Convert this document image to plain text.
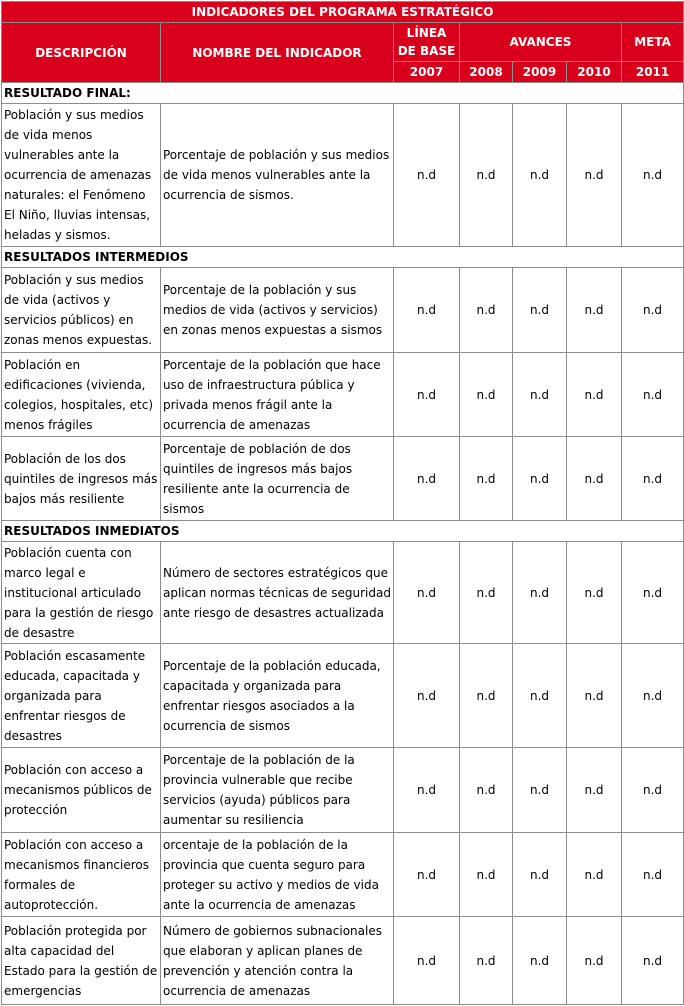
INDICADORES DEL PROGRAMA ESTRATÉGICO						
DESCRIPCIÓN	NOMBRE DEL INDICADOR	LÍNEA DE BASE	AVANCES			META
		2007	2008	2009	2010	2011
RESULTADO FINAL:						
Población y sus medios de vida menos vulnerables ante la ocurrencia de amenazas naturales: el Fenómeno El Niño, lluvias intensas, heladas y sismos.	Porcentaje de población y sus medios de vida menos vulnerables ante la ocurrencia de sismos.	n.d	n.d	n.d	n.d	n.d
RESULTADOS INTERMEDIOS						
Población y sus medios de vida (activos y servicios públicos) en zonas menos expuestas.	Porcentaje de la población y sus medios de vida (activos y servicios) en zonas menos expuestas a sismos	n.d	n.d	n.d	n.d	n.d
Población en edificaciones (vivienda, colegios, hospitales, etc) menos frágiles	Porcentaje de la población que hace uso de infraestructura pública y privada menos frágil ante la ocurrencia de amenazas	n.d	n.d	n.d	n.d	n.d
Población de los dos quintiles de ingresos más bajos más resiliente	Porcentaje de población de dos quintiles de ingresos más bajos resiliente ante la ocurrencia de sismos	n.d	n.d	n.d	n.d	n.d
RESULTADOS INMEDIATOS						
Población cuenta con marco legal e institucional articulado para la gestión de riesgo de desastre	Número de sectores estratégicos que aplican normas técnicas de seguridad ante riesgo de desastres actualizada	n.d	n.d	n.d	n.d	n.d
Población escasamente educada, capacitada y organizada para enfrentar riesgos de desastres	Porcentaje de la población educada, capacitada y organizada para enfrentar riesgos asociados a la ocurrencia de sismos	n.d	n.d	n.d	n.d	n.d
Población con acceso a mecanismos públicos de protección	Porcentaje de la población de la provincia vulnerable que recibe servicios (ayuda) públicos para aumentar su resiliencia	n.d	n.d	n.d	n.d	n.d
Población con acceso a mecanismos financieros formales de autoprotección.	orcentaje de la población de la provincia que cuenta seguro para proteger su activo y medios de vida ante la ocurrencia de amenazas	n.d	n.d	n.d	n.d	n.d
Población protegida por alta capacidad del Estado para la gestión de emergencias	Número de gobiernos subnacionales que elaboran y aplican planes de prevención y atención contra la ocurrencia de amenazas	n.d	n.d	n.d	n.d	n.d
